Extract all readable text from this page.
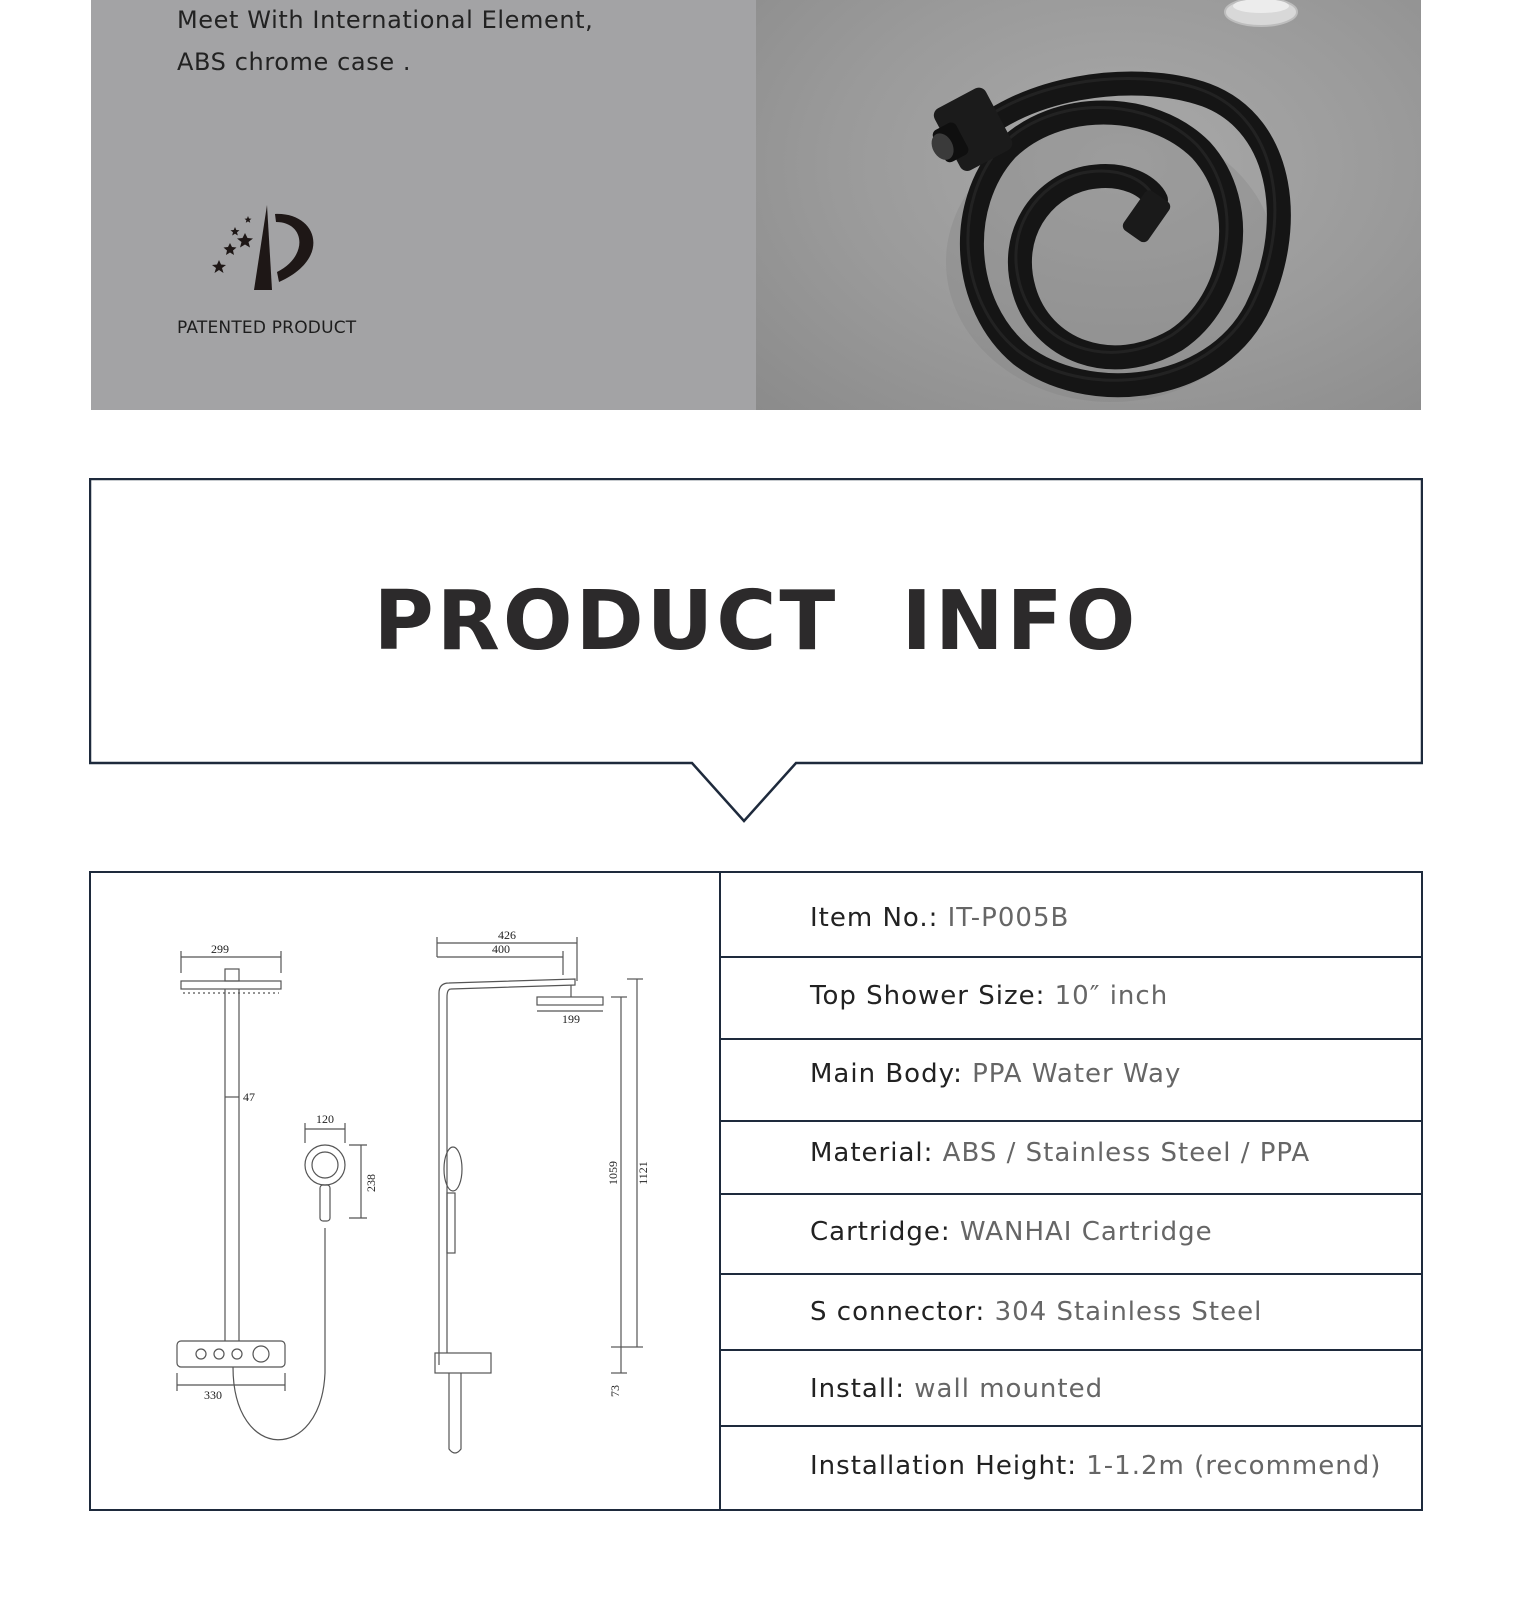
Meet With International Element,
ABS chrome case .
PATENTED PRODUCT
PRODUCT  INFO
299
47
120
238
330
426
400
199
1059 1121
73
Item No.: IT-P005B
Top Shower Size: 10″ inch
Main Body: PPA Water Way
Material: ABS / Stainless Steel / PPA
Cartridge: WANHAI Cartridge
S connector: 304 Stainless Steel
Install: wall mounted
Installation Height: 1-1.2m (recommend)
